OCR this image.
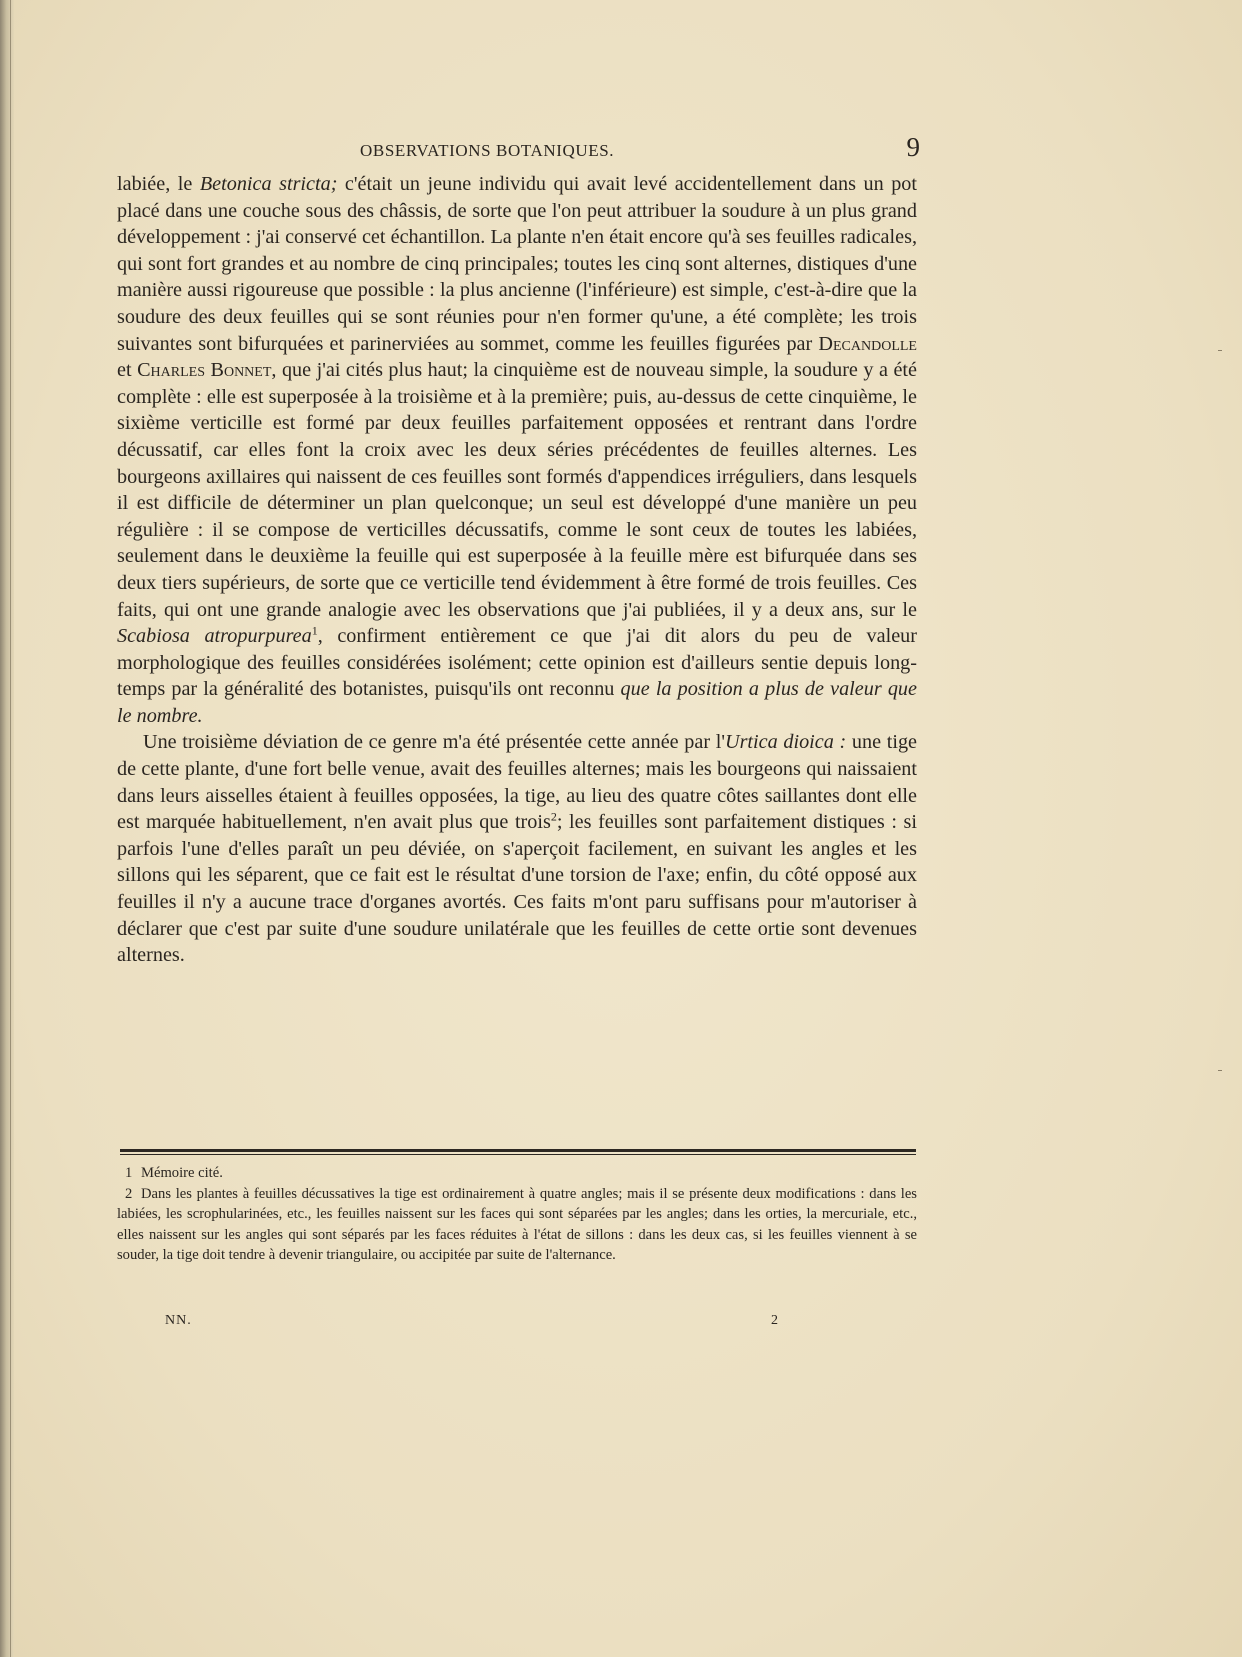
OBSERVATIONS BOTANIQUES.	9

labiée, le Betonica stricta; c'était un jeune individu qui avait levé accidentellement dans un pot placé dans une couche sous des châssis, de sorte que l'on peut attribuer la soudure à un plus grand développement : j'ai conservé cet échantillon. La plante n'en était encore qu'à ses feuilles radicales, qui sont fort grandes et au nombre de cinq principales; toutes les cinq sont alternes, distiques d'une manière aussi rigoureuse que possible : la plus ancienne (l'inférieure) est simple, c'est-à-dire que la soudure des deux feuilles qui se sont réunies pour n'en former qu'une, a été complète; les trois suivantes sont bifurquées et parinerviées au sommet, comme les feuilles figurées par Decandolle et Charles Bonnet, que j'ai cités plus haut; la cinquième est de nouveau simple, la soudure y a été complète : elle est superposée à la troisième et à la première; puis, au-dessus de cette cinquième, le sixième verticille est formé par deux feuilles parfaitement opposées et rentrant dans l'ordre décussatif, car elles font la croix avec les deux séries précédentes de feuilles alternes. Les bourgeons axillaires qui naissent de ces feuilles sont formés d'appendices irréguliers, dans lesquels il est difficile de déterminer un plan quelconque; un seul est développé d'une manière un peu régulière : il se compose de verticilles décussatifs, comme le sont ceux de toutes les labiées, seulement dans le deuxième la feuille qui est superposée à la feuille mère est bifurquée dans ses deux tiers supérieurs, de sorte que ce verticille tend évidemment à être formé de trois feuilles. Ces faits, qui ont une grande analogie avec les observations que j'ai publiées, il y a deux ans, sur le Scabiosa atropurpurea$^1$, confirment entièrement ce que j'ai dit alors du peu de valeur morphologique des feuilles considérées isolément; cette opinion est d'ailleurs sentie depuis long-temps par la généralité des botanistes, puisqu'ils ont reconnu que la position a plus de valeur que le nombre.

Une troisième déviation de ce genre m'a été présentée cette année par l'Urtica dioica : une tige de cette plante, d'une fort belle venue, avait des feuilles alternes; mais les bourgeons qui naissaient dans leurs aisselles étaient à feuilles opposées, la tige, au lieu des quatre côtes saillantes dont elle est marquée habituellement, n'en avait plus que trois$^2$; les feuilles sont parfaitement distiques : si parfois l'une d'elles paraît un peu déviée, on s'aperçoit facilement, en suivant les angles et les sillons qui les séparent, que ce fait est le résultat d'une torsion de l'axe; enfin, du côté opposé aux feuilles il n'y a aucune trace d'organes avortés. Ces faits m'ont paru suffisans pour m'autoriser à déclarer que c'est par suite d'une soudure unilatérale que les feuilles de cette ortie sont devenues alternes.

1 Mémoire cité.

2 Dans les plantes à feuilles décussatives la tige est ordinairement à quatre angles; mais il se présente deux modifications : dans les labiées, les scrophularinées, etc., les feuilles naissent sur les faces qui sont séparées par les angles; dans les orties, la mercuriale, etc., elles naissent sur les angles qui sont séparés par les faces réduites à l'état de sillons : dans les deux cas, si les feuilles viennent à se souder, la tige doit tendre à devenir triangulaire, ou accipitée par suite de l'alternance.

NN.	2
